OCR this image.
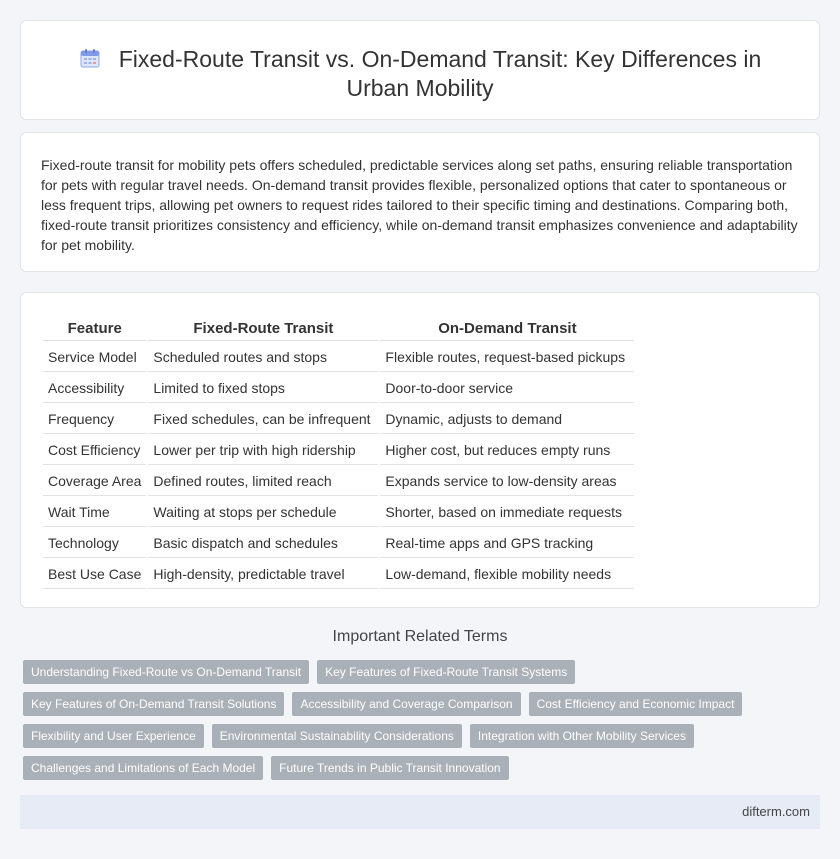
Fixed-Route Transit vs. On-Demand Transit: Key Differences in
Urban Mobility

Fixed-route transit for mobility pets offers scheduled, predictable services along set paths, ensuring reliable transportation for pets with regular travel needs. On-demand transit provides flexible, personalized options that cater to spontaneous or less frequent trips, allowing pet owners to request rides tailored to their specific timing and destinations. Comparing both, fixed-route transit prioritizes consistency and efficiency, while on-demand transit emphasizes convenience and adaptability for pet mobility.

Feature	Fixed-Route Transit	On-Demand Transit
Service Model	Scheduled routes and stops	Flexible routes, request-based pickups
Accessibility	Limited to fixed stops	Door-to-door service
Frequency	Fixed schedules, can be infrequent	Dynamic, adjusts to demand
Cost Efficiency	Lower per trip with high ridership	Higher cost, but reduces empty runs
Coverage Area	Defined routes, limited reach	Expands service to low-density areas
Wait Time	Waiting at stops per schedule	Shorter, based on immediate requests
Technology	Basic dispatch and schedules	Real-time apps and GPS tracking
Best Use Case	High-density, predictable travel	Low-demand, flexible mobility needs
Important Related Terms
Understanding Fixed-Route vs On-Demand Transit	Key Features of Fixed-Route Transit Systems
Key Features of On-Demand Transit Solutions	Accessibility and Coverage Comparison	Cost Efficiency and Economic Impact
Flexibility and User Experience	Environmental Sustainability Considerations	Integration with Other Mobility Services
Challenges and Limitations of Each Model	Future Trends in Public Transit Innovation
difterm.com
